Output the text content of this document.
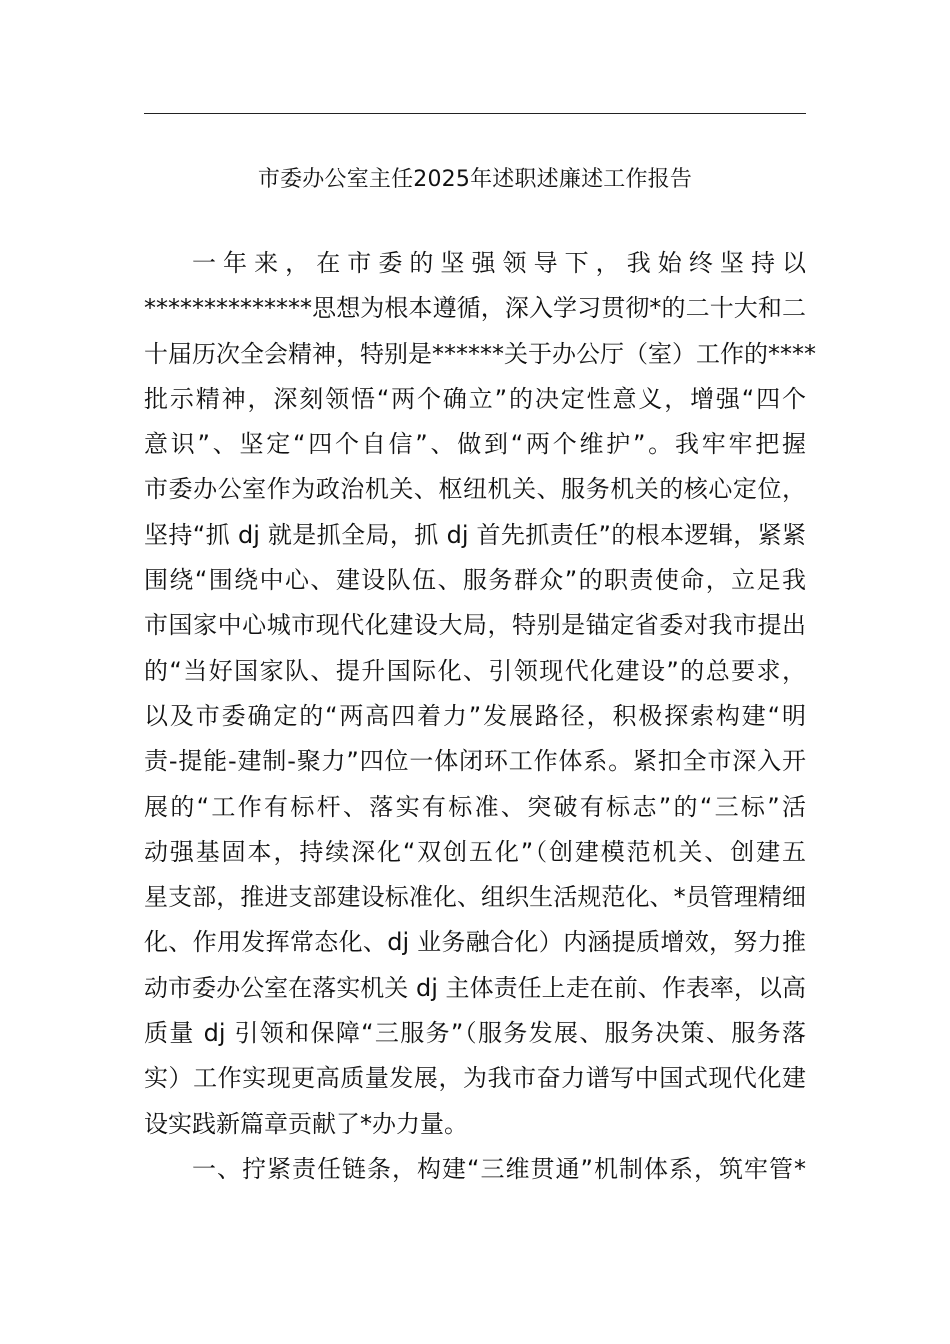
市委办公室主任2025年述职述廉述工作报告
一年来，在市委的坚强领导下，我始终坚持以
**************思想为根本遵循，深入学习贯彻*的二十大和二
十届历次全会精神，特别是******关于办公厅（室）工作的****
批示精神，深刻领悟“两个确立”的决定性意义，增强“四个
意识”、坚定“四个自信”、做到“两个维护”。我牢牢把握
市委办公室作为政治机关、枢纽机关、服务机关的核心定位，
坚持“抓 dj 就是抓全局，抓 dj 首先抓责任”的根本逻辑，紧紧
围绕“围绕中心、建设队伍、服务群众”的职责使命，立足我
市国家中心城市现代化建设大局，特别是锚定省委对我市提出
的“当好国家队、提升国际化、引领现代化建设”的总要求，
以及市委确定的“两高四着力”发展路径，积极探索构建“明
责-提能-建制-聚力”四位一体闭环工作体系。紧扣全市深入开
展的“工作有标杆、落实有标准、突破有标志”的“三标”活
动强基固本，持续深化“双创五化”（创建模范机关、创建五
星支部，推进支部建设标准化、组织生活规范化、*员管理精细
化、作用发挥常态化、dj 业务融合化）内涵提质增效，努力推
动市委办公室在落实机关 dj 主体责任上走在前、作表率，以高
质量 dj 引领和保障“三服务”（服务发展、服务决策、服务落
实）工作实现更高质量发展，为我市奋力谱写中国式现代化建
设实践新篇章贡献了*办力量。
一、拧紧责任链条，构建“三维贯通”机制体系，筑牢管*
